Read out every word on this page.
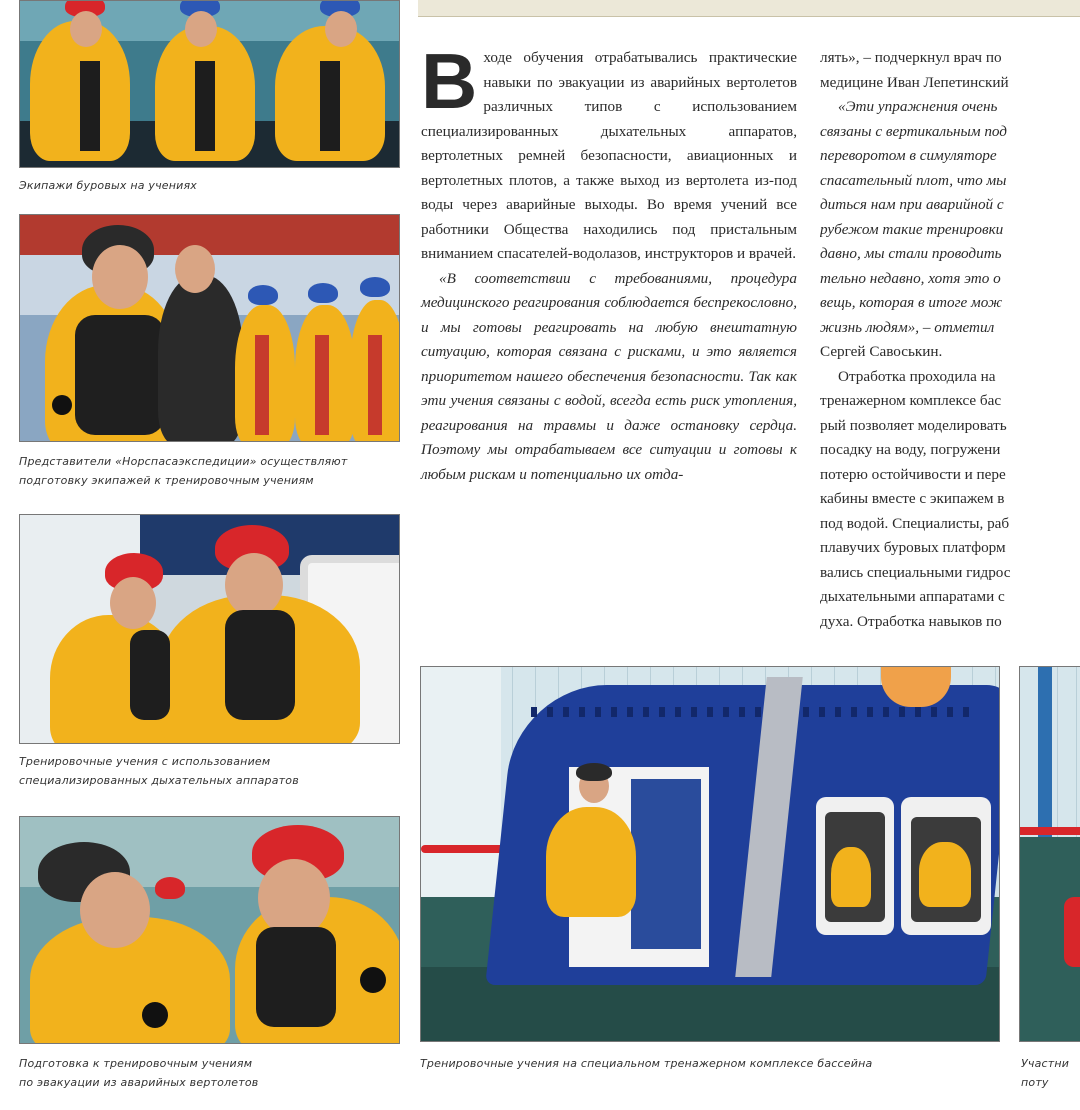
Экипажи буровых на учениях
Представители «Норспасаэкспедиции» осуществляют
подготовку экипажей к тренировочным учениям
Тренировочные учения с использованием
специализированных дыхательных аппаратов
Подготовка к тренировочным учениям
по эвакуации из аварийных вертолетов

Входе обучения отрабатывались практические навыки по эвакуации из аварийных вертолетов различных типов с использованием специализированных дыхательных аппаратов, вертолетных ремней безопасности, авиационных и вертолетных плотов, а также выход из вертолета из-под воды через аварийные выходы. Во время учений все работники Общества находились под пристальным вниманием спасателей-водолазов, инструкторов и врачей.

«В соответствии с требованиями, процедура медицинского реагирования соблюдается беспрекословно, и мы готовы реагировать на любую внештатную ситуацию, которая связана с рисками, и это является приоритетом нашего обеспечения безопасности. Так как эти учения связаны с водой, всегда есть риск утопления, реагирования на травмы и даже остановку сердца. Поэтому мы отрабатываем все ситуации и готовы к любым рискам и потенциально их отда-

лять», – подчеркнул врач по
медицине Иван Лепетинский
«Эти упражнения очень
связаны с вертикальным под
переворотом в симуляторе
спасательный плот, что мы
диться нам при аварийной с
рубежом такие тренировки
давно, мы стали проводить
тельно недавно, хотя это о
вещь, которая в итоге мож
жизнь людям», – отметил
Сергей Савоськин.
Отработка проходила на
тренажерном комплексе бас
рый позволяет моделировать
посадку на воду, погружени
потерю остойчивости и пере
кабины вместе с экипажем в
под водой. Специалисты, раб
плавучих буровых платформ
вались специальными гидрос
дыхательными аппаратами с
духа. Отработка навыков по
Тренировочные учения на специальном тренажерном комплексе бассейна	Участни
поту
